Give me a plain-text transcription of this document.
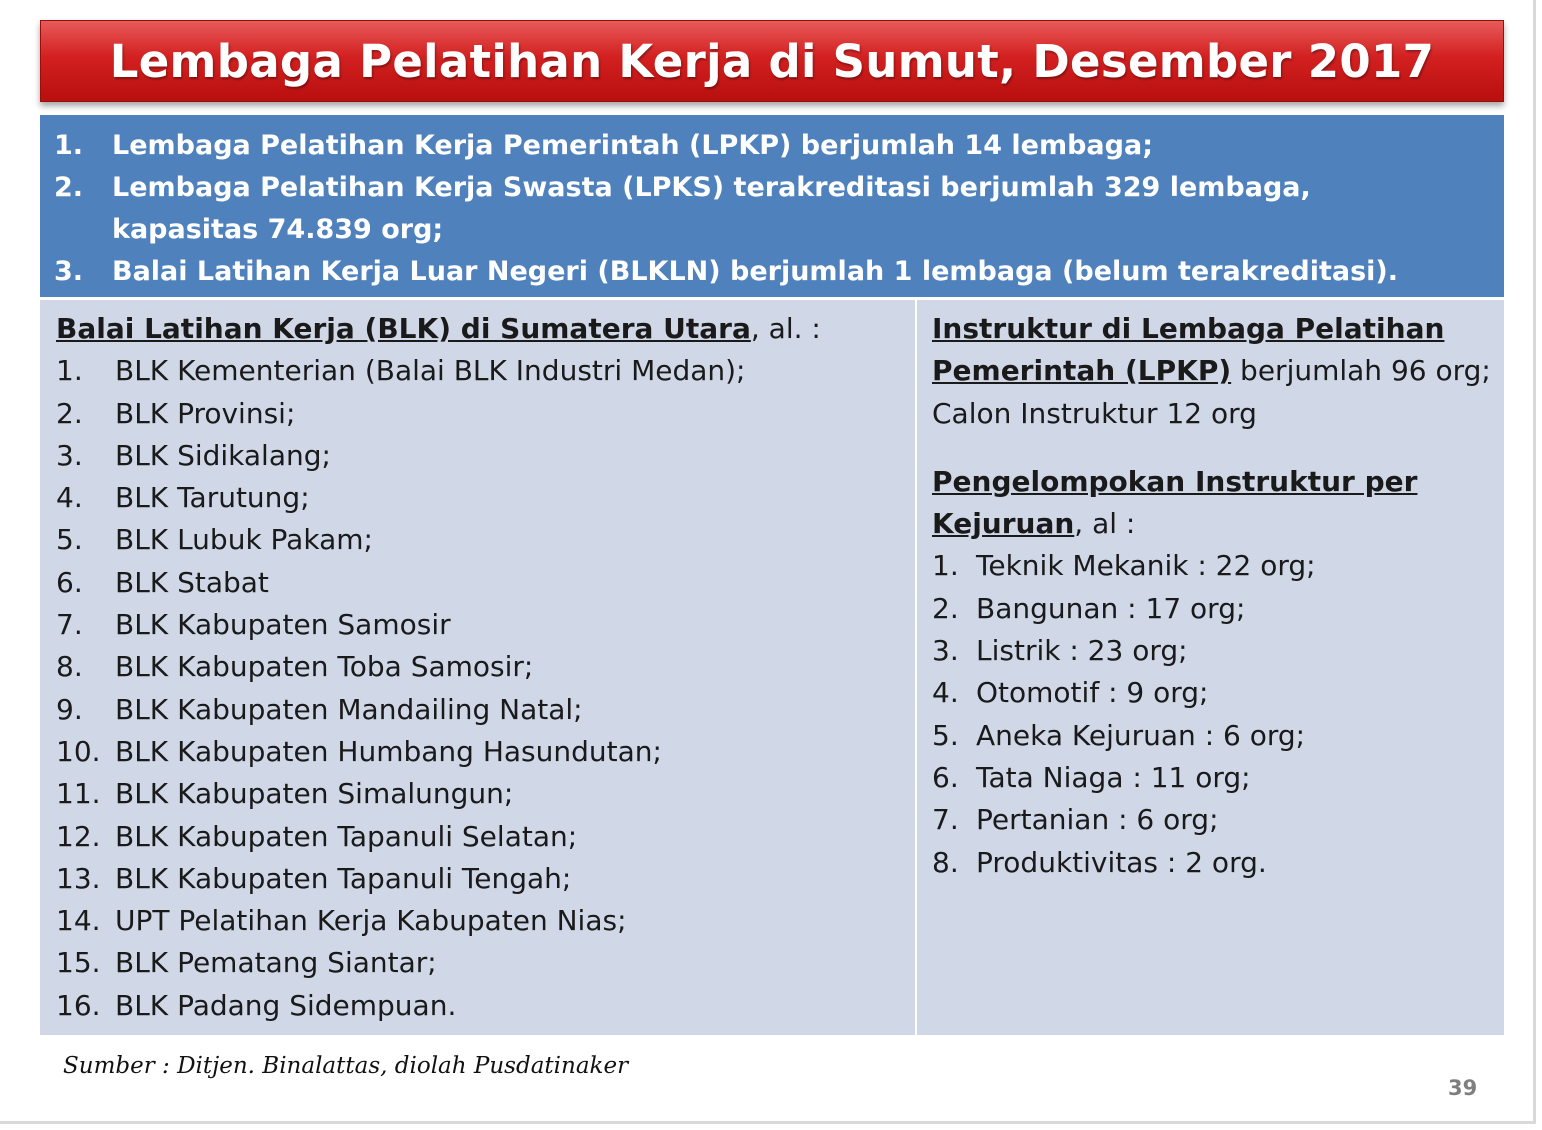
Lembaga Pelatihan Kerja di Sumut, Desember 2017
1.	Lembaga Pelatihan Kerja Pemerintah (LPKP) berjumlah 14 lembaga;
2.	Lembaga Pelatihan Kerja Swasta (LPKS) terakreditasi berjumlah 329 lembaga,
kapasitas 74.839 org;
3.	Balai Latihan Kerja Luar Negeri (BLKLN) berjumlah 1 lembaga (belum terakreditasi).
Balai Latihan Kerja (BLK) di Sumatera Utara, al. :
1.	BLK Kementerian (Balai BLK Industri Medan);
2.	BLK Provinsi;
3.	BLK Sidikalang;
4.	BLK Tarutung;
5.	BLK Lubuk Pakam;
6.	BLK Stabat
7.	BLK Kabupaten Samosir
8.	BLK Kabupaten Toba Samosir;
9.	BLK Kabupaten Mandailing Natal;
10. BLK Kabupaten Humbang Hasundutan;
11. BLK Kabupaten Simalungun;
12. BLK Kabupaten Tapanuli Selatan;
13. BLK Kabupaten Tapanuli Tengah;
14. UPT Pelatihan Kerja Kabupaten Nias;
15. BLK Pematang Siantar;
16. BLK Padang Sidempuan.
Instruktur di Lembaga Pelatihan
Pemerintah (LPKP) berjumlah 96 org;
Calon Instruktur 12 org
Pengelompokan Instruktur per
Kejuruan, al :
1. Teknik Mekanik : 22 org;
2. Bangunan : 17 org;
3. Listrik : 23 org;
4. Otomotif : 9 org;
5. Aneka Kejuruan : 6 org;
6. Tata Niaga : 11 org;
7. Pertanian : 6 org;
8. Produktivitas : 2 org.
Sumber : Ditjen. Binalattas, diolah Pusdatinaker
39
